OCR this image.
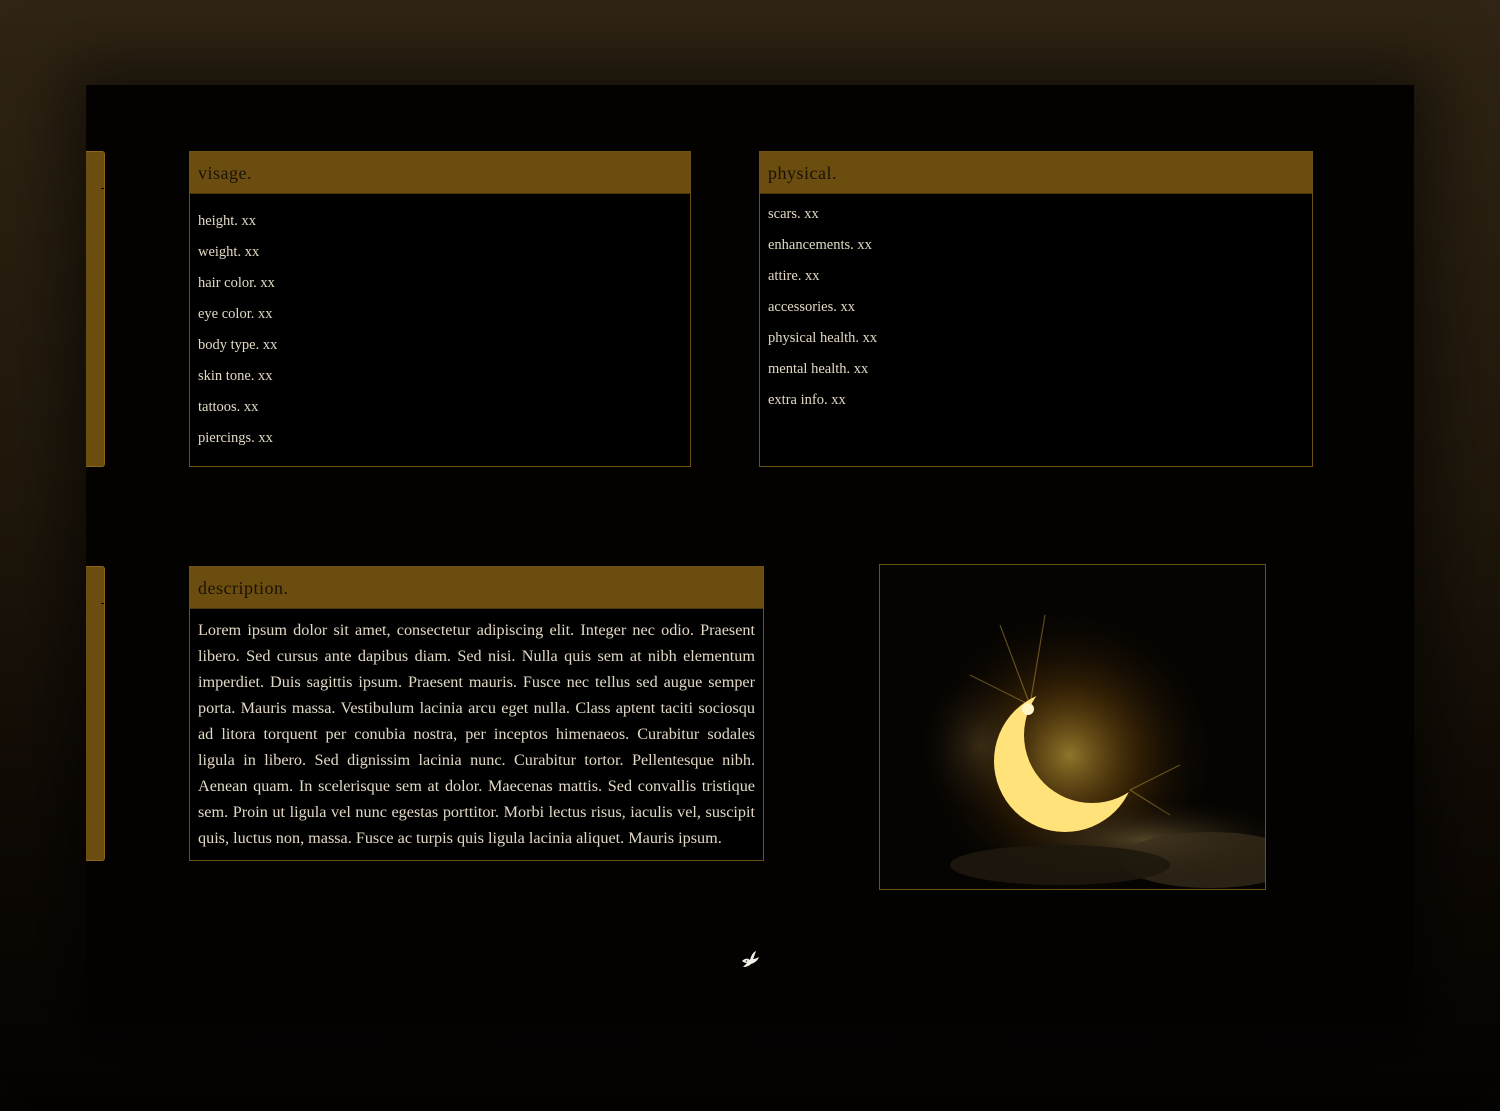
visage.
height. xx
weight. xx
hair color. xx
eye color. xx
body type. xx
skin tone. xx
tattoos. xx
piercings. xx
physical.
scars. xx
enhancements. xx
attire. xx
accessories. xx
physical health. xx
mental health. xx
extra info. xx
description.

Lorem ipsum dolor sit amet, consectetur adipiscing elit. Integer nec odio. Praesent libero. Sed cursus ante dapibus diam. Sed nisi. Nulla quis sem at nibh elementum imperdiet. Duis sagittis ipsum. Praesent mauris. Fusce nec tellus sed augue semper porta. Mauris massa. Vestibulum lacinia arcu eget nulla. Class aptent taciti sociosqu ad litora torquent per conubia nostra, per inceptos himenaeos. Curabitur sodales ligula in libero. Sed dignissim lacinia nunc. Curabitur tortor. Pellentesque nibh. Aenean quam. In scelerisque sem at dolor. Maecenas mattis. Sed convallis tristique sem. Proin ut ligula vel nunc egestas porttitor. Morbi lectus risus, iaculis vel, suscipit quis, luctus non, massa. Fusce ac turpis quis ligula lacinia aliquet. Mauris ipsum.
